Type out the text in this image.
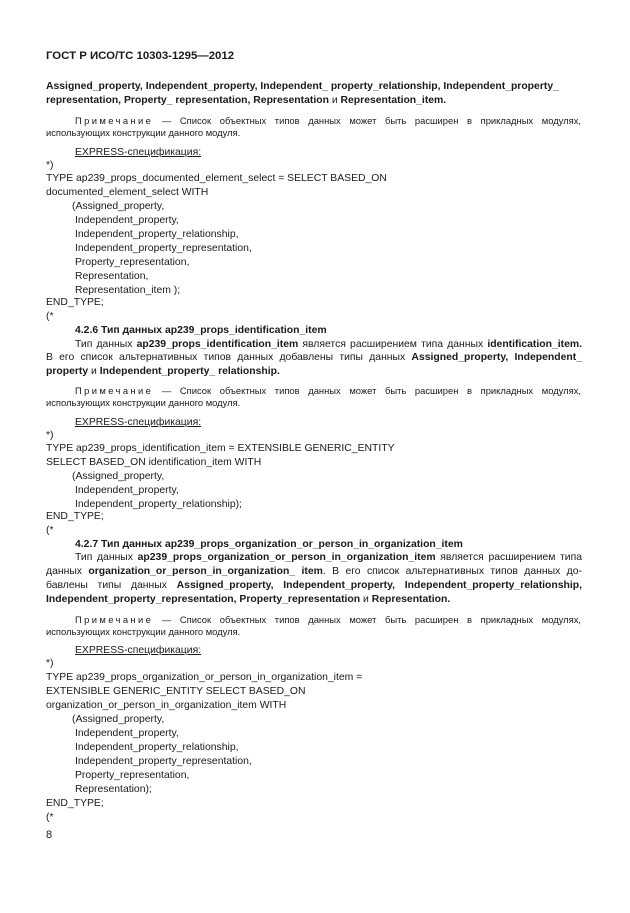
ГОСТ Р ИСО/ТС 10303-1295—2012
Assigned_property, Independent_property, Independent_ property_relationship, Independent_property_
representation, Property_ representation, Representation и Representation_item.
Примечание — Список объектных типов данных может быть расширен в прикладных модулях,
использующих конструкции данного модуля.
EXPRESS-спецификация:
*)
TYPE ap239_props_documented_element_select = SELECT BASED_ON
documented_element_select WITH
(Assigned_property,
Independent_property,
Independent_property_relationship,
Independent_property_representation,
Property_representation,
Representation,
Representation_item );
END_TYPE;
(*
4.2.6 Тип данных ap239_props_identification_item
Тип данных ap239_props_identification_item является расширением типа данных identification_item.
В его список альтернативных типов данных добавлены типы данных Assigned_property, Independent_
property и Independent_property_ relationship.
Примечание — Список объектных типов данных может быть расширен в прикладных модулях,
использующих конструкции данного модуля.
EXPRESS-спецификация:
*)
TYPE ap239_props_identification_item = EXTENSIBLE GENERIC_ENTITY
SELECT BASED_ON identification_item WITH
(Assigned_property,
Independent_property,
Independent_property_relationship);
END_TYPE;
(*
4.2.7 Тип данных ap239_props_organization_or_person_in_organization_item
Тип данных ap239_props_organization_or_person_in_organization_item является расширением типа
данных organization_or_person_in_organization_ item. В его список альтернативных типов данных до-
бавлены типы данных Assigned_property, Independent_property, Independent_property_relationship,
Independent_property_representation, Property_representation и Representation.
Примечание — Список объектных типов данных может быть расширен в прикладных модулях,
использующих конструкции данного модуля.
EXPRESS-спецификация:
*)
TYPE ap239_props_organization_or_person_in_organization_item =
EXTENSIBLE GENERIC_ENTITY SELECT BASED_ON
organization_or_person_in_organization_item WITH
(Assigned_property,
Independent_property,
Independent_property_relationship,
Independent_property_representation,
Property_representation,
Representation);
END_TYPE;
(*
8
